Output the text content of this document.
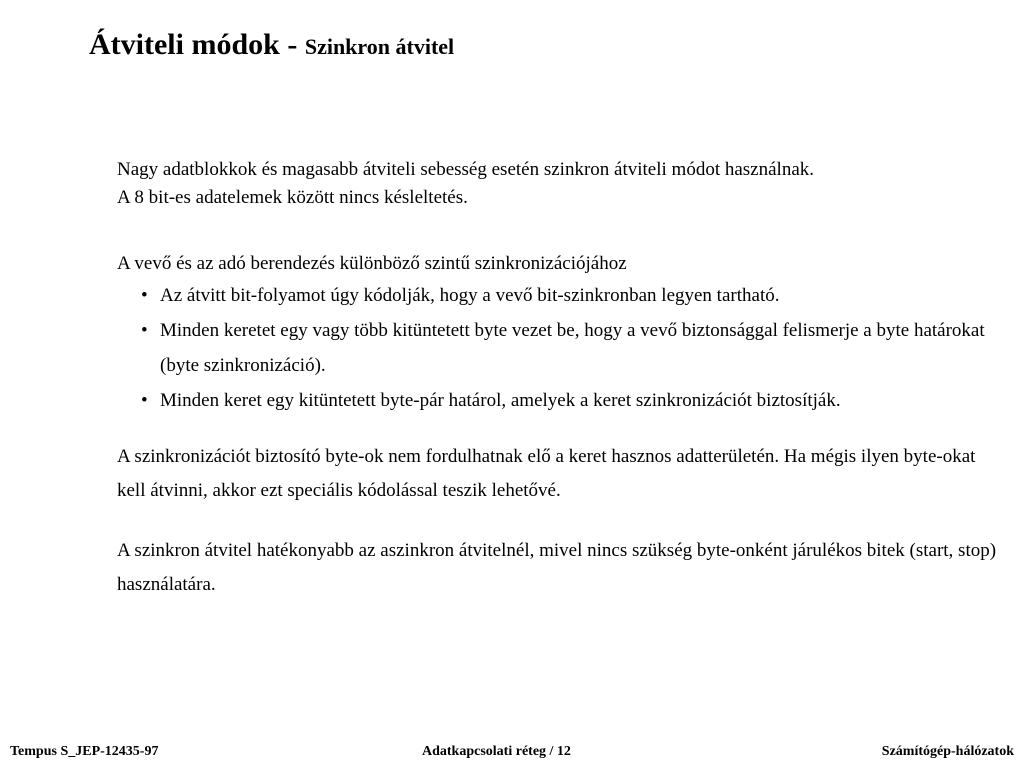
Átviteli módok - Szinkron átvitel

Nagy adatblokkok és magasabb átviteli sebesség esetén szinkron átviteli módot használnak.
A 8 bit-es adatelemek között nincs késleltetés.

A vevő és az adó berendezés különböző szintű szinkronizációjához

• Az átvitt bit-folyamot úgy kódolják, hogy a vevő bit-szinkronban legyen tartható.
• Minden keretet egy vagy több kitüntetett byte vezet be, hogy a vevő biztonsággal felismerje a byte határokat (byte szinkronizáció).
• Minden keret egy kitüntetett byte-pár határol, amelyek a keret szinkronizációt biztosítják.

A szinkronizációt biztosító byte-ok nem fordulhatnak elő a keret hasznos adatterületén. Ha mégis ilyen byte-okat kell átvinni, akkor ezt speciális kódolással teszik lehetővé.

A szinkron átvitel hatékonyabb az aszinkron átvitelnél, mivel nincs szükség byte-onként járulékos bitek (start, stop) használatára.

Tempus S_JEP-12435-97	Adatkapcsolati réteg / 12	Számítógép-hálózatok
